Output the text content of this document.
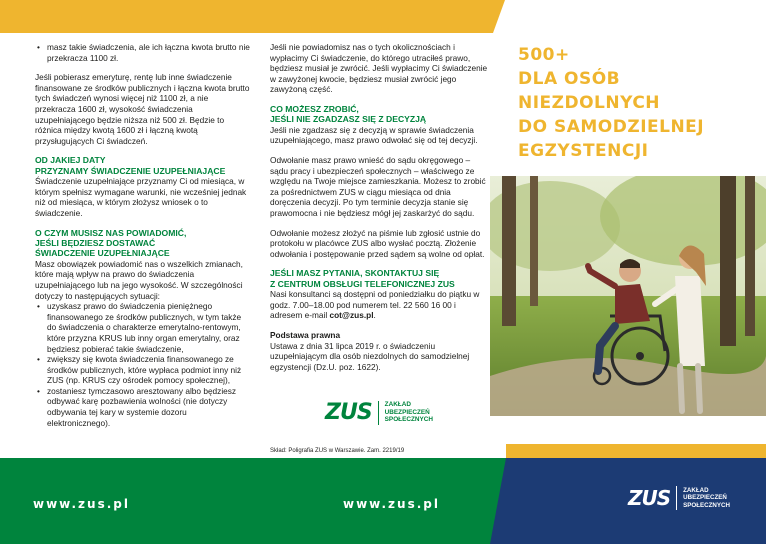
• masz takie świadczenia, ale ich łączna kwota brutto nie przekracza 1100 zł.

Jeśli pobierasz emeryturę, rentę lub inne świadczenie finansowane ze środków publicznych i łączna kwota brutto tych świadczeń wynosi więcej niż 1100 zł, a nie przekracza 1600 zł, wysokość świadczenia uzupełniającego będzie niższa niż 500 zł. Będzie to różnica między kwotą 1600 zł i łączną kwotą przysługujących Ci świadczeń.

OD JAKIEJ DATY
PRZYZNAMY ŚWIADCZENIE UZUPEŁNIAJĄCE

Świadczenie uzupełniające przyznamy Ci od miesiąca, w którym spełnisz wymagane warunki, nie wcześniej jednak niż od miesiąca, w którym złożysz wniosek o to świadczenie.

O CZYM MUSISZ NAS POWIADOMIĆ,
JEŚLI BĘDZIESZ DOSTAWAĆ
ŚWIADCZENIE UZUPEŁNIAJĄCE

Masz obowiązek powiadomić nas o wszelkich zmianach, które mają wpływ na prawo do świadczenia uzupełniającego lub na jego wysokość. W szczególności dotyczy to następujących sytuacji:

• uzyskasz prawo do świadczenia pieniężnego finansowanego ze środków publicznych, w tym także do świadczenia o charakterze emerytalno-rentowym, które przyzna KRUS lub inny organ emerytalny, oraz będziesz pobierać takie świadczenie,
• zwiększy się kwota świadczenia finansowanego ze środków publicznych, które wypłaca podmiot inny niż ZUS (np. KRUS czy ośrodek pomocy społecznej),
• zostaniesz tymczasowo aresztowany albo będziesz odbywać karę pozbawienia wolności (nie dotyczy odbywania tej kary w systemie dozoru elektronicznego).

Jeśli nie powiadomisz nas o tych okolicznościach i wypłacimy Ci świadczenie, do którego utraciłeś prawo, będziesz musiał je zwrócić. Jeśli wypłacimy Ci świadczenie w zawyżonej kwocie, będziesz musiał zwrócić jego zawyżoną część.

CO MOŻESZ ZROBIĆ,
JEŚLI NIE ZGADZASZ SIĘ Z DECYZJĄ

Jeśli nie zgadzasz się z decyzją w sprawie świadczenia uzupełniającego, masz prawo odwołać się od tej decyzji.

Odwołanie masz prawo wnieść do sądu okręgowego – sądu pracy i ubezpieczeń społecznych – właściwego ze względu na Twoje miejsce zamieszkania. Możesz to zrobić za pośrednictwem ZUS w ciągu miesiąca od dnia doręczenia decyzji. Po tym terminie decyzja stanie się prawomocna i nie będziesz mógł jej zaskarżyć do sądu.

Odwołanie możesz złożyć na piśmie lub zgłosić ustnie do protokołu w placówce ZUS albo wysłać pocztą. Złożenie odwołania i postępowanie przed sądem są wolne od opłat.

JEŚLI MASZ PYTANIA, SKONTAKTUJ SIĘ
Z CENTRUM OBSŁUGI TELEFONICZNEJ ZUS

Nasi konsultanci są dostępni od poniedziałku do piątku w godz. 7.00–18.00 pod numerem tel. 22 560 16 00 i adresem e-mail cot@zus.pl.

Podstawa prawna

Ustawa z dnia 31 lipca 2019 r. o świadczeniu uzupełniającym dla osób niezdolnych do samodzielnej egzystencji (Dz.U. poz. 1622).

ZUS ZAKŁAD
UBEZPIECZEŃ
SPOŁECZNYCH
Skład: Poligrafia ZUS w Warszawie. Zam. 2219/19
500+
DLA OSÓB NIEZDOLNYCH
DO SAMODZIELNEJ
EGZYSTENCJI
www.zus.pl	www.zus.pl	ZUS ZAKŁAD
UBEZPIECZEŃ
SPOŁECZNYCH
